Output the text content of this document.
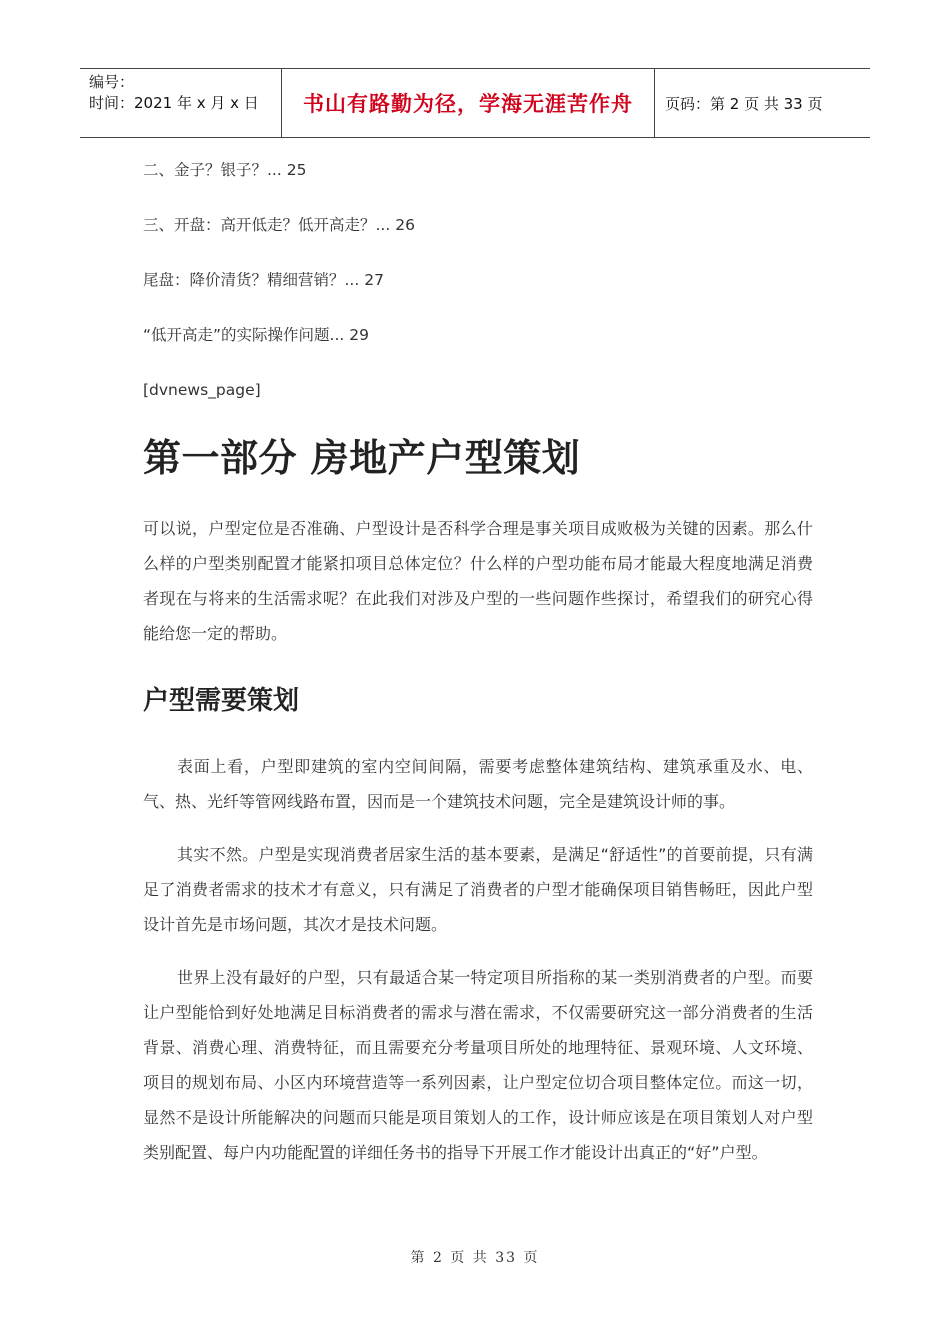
编号：
时间：2021 年 x 月 x 日	书山有路勤为径，学海无涯苦作舟 页码：第 2 页 共 33 页

二、金子？银子？... 25

三、开盘：高开低走？低开高走？... 26

尾盘：降价清货？精细营销？... 27

“低开高走”的实际操作问题... 29

[dvnews_page]

第一部分 房地产户型策划

可以说，户型定位是否准确、户型设计是否科学合理是事关项目成败极为关键的因素。那么什么样的户型类别配置才能紧扣项目总体定位？什么样的户型功能布局才能最大程度地满足消费者现在与将来的生活需求呢？在此我们对涉及户型的一些问题作些探讨，希望我们的研究心得能给您一定的帮助。

户型需要策划

表面上看，户型即建筑的室内空间间隔，需要考虑整体建筑结构、建筑承重及水、电、气、热、光纤等管网线路布置，因而是一个建筑技术问题，完全是建筑设计师的事。

其实不然。户型是实现消费者居家生活的基本要素，是满足“舒适性”的首要前提，只有满足了消费者需求的技术才有意义，只有满足了消费者的户型才能确保项目销售畅旺，因此户型设计首先是市场问题，其次才是技术问题。

世界上没有最好的户型，只有最适合某一特定项目所指称的某一类别消费者的户型。而要让户型能恰到好处地满足目标消费者的需求与潜在需求，不仅需要研究这一部分消费者的生活背景、消费心理、消费特征，而且需要充分考量项目所处的地理特征、景观环境、人文环境、项目的规划布局、小区内环境营造等一系列因素，让户型定位切合项目整体定位。而这一切，显然不是设计所能解决的问题而只能是项目策划人的工作，设计师应该是在项目策划人对户型类别配置、每户内功能配置的详细任务书的指导下开展工作才能设计出真正的“好”户型。

第 2 页 共 33 页
